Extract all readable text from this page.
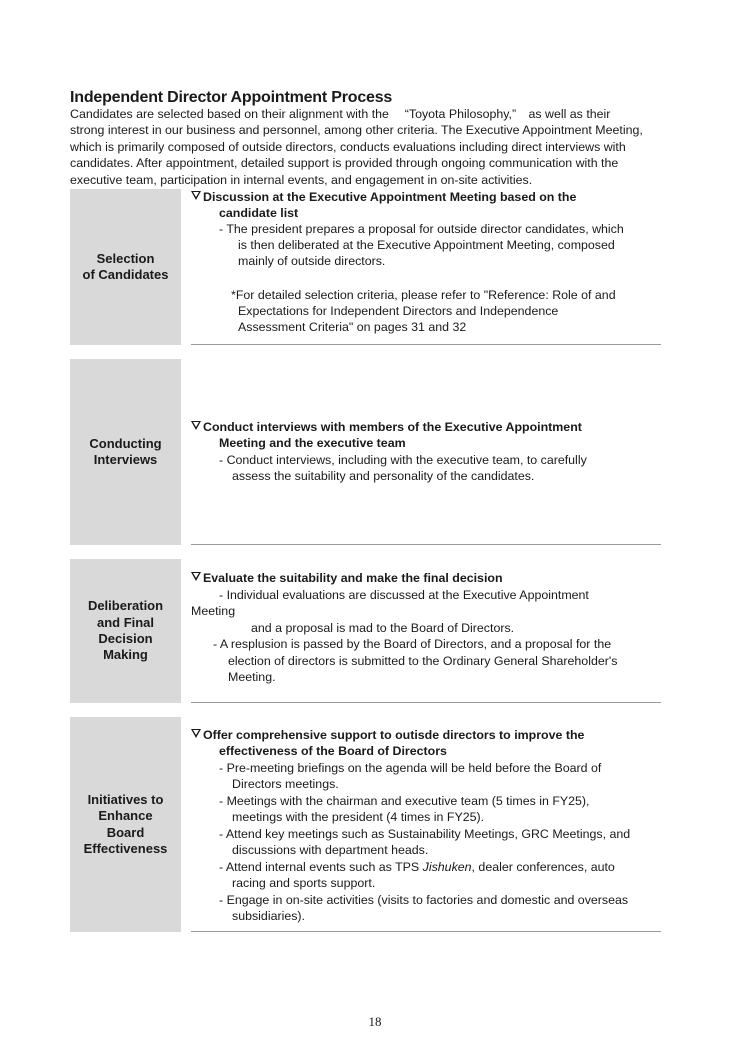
Independent Director Appointment Process
Candidates are selected based on their alignment with the 　“Toyota Philosophy,”　as well as their
strong interest in our business and personnel, among other criteria. The Executive Appointment Meeting,
which is primarily composed of outside directors, conducts evaluations including direct interviews with
candidates. After appointment, detailed support is provided through ongoing communication with the
executive team, participation in internal events, and engagement in on-site activities.
Selection
of Candidates
Discussion at the Executive Appointment Meeting based on the
candidate list
- The president prepares a proposal for outside director candidates, which
is then deliberated at the Executive Appointment Meeting, composed
mainly of outside directors.
*For detailed selection criteria, please refer to "Reference: Role of and
Expectations for Independent Directors and Independence
Assessment Criteria" on pages 31 and 32
Conducting
Interviews
Conduct interviews with members of the Executive Appointment
Meeting and the executive team
- Conduct interviews, including with the executive team, to carefully
assess the suitability and personality of the candidates.
Deliberation
and Final
Decision
Making
Evaluate the suitability and make the final decision
- Individual evaluations are discussed at the Executive Appointment
Meeting
and a proposal is mad to the Board of Directors.
- A resplusion is passed by the Board of Directors, and a proposal for the
election of directors is submitted to the Ordinary General Shareholder's
Meeting.
Initiatives to
Enhance
Board
Effectiveness
Offer comprehensive support to outisde directors to improve the
effectiveness of the Board of Directors
- Pre-meeting briefings on the agenda will be held before the Board of
Directors meetings.
- Meetings with the chairman and executive team (5 times in FY25),
meetings with the president (4 times in FY25).
- Attend key meetings such as Sustainability Meetings, GRC Meetings, and
discussions with department heads.
- Attend internal events such as TPS Jishuken, dealer conferences, auto
racing and sports support.
- Engage in on-site activities (visits to factories and domestic and overseas
subsidiaries).
18
